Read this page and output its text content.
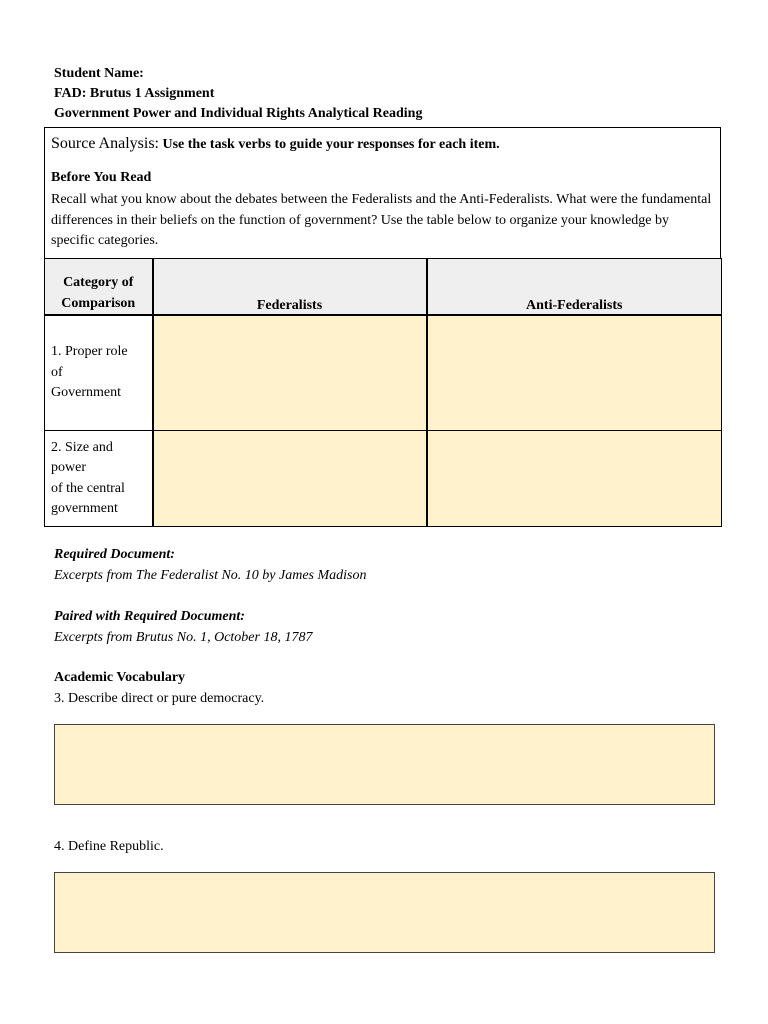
Student Name:
FAD: Brutus 1 Assignment
Government Power and Individual Rights Analytical Reading
Source Analysis: Use the task verbs to guide your responses for each item.
Before You Read
Recall what you know about the debates between the Federalists and the Anti-Federalists. What were the fundamental differences in their beliefs on the function of government? Use the table below to organize your knowledge by specific categories.
Category of
Comparison	Federalists	Anti-Federalists
1. Proper role
of
Government		
2. Size and
power
of the central
government		
Required Document:
Excerpts from The Federalist No. 10 by James Madison
Paired with Required Document:
Excerpts from Brutus No. 1, October 18, 1787
Academic Vocabulary
3. Describe direct or pure democracy.
4. Define Republic.
